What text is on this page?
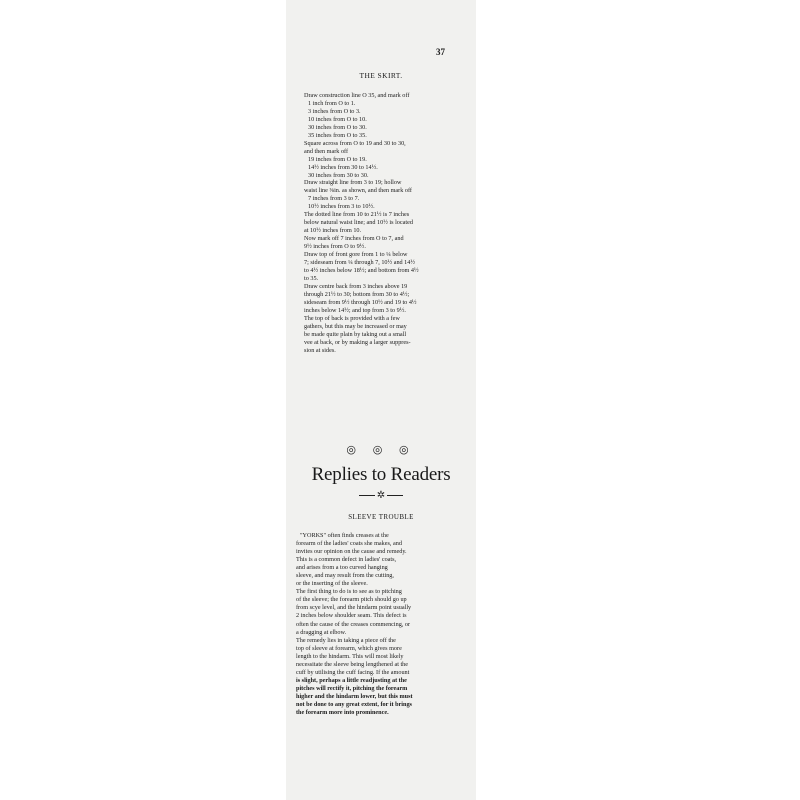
37
THE SKIRT.
Draw construction line O 35, and mark off
1 inch from O to 1.
3 inches from O to 3.
10 inches from O to 10.
30 inches from O to 30.
35 inches from O to 35.
Square across from O to 19 and 30 to 30,
and then mark off
19 inches from O to 19.
14½ inches from 30 to 14½.
30 inches from 30 to 30.
Draw straight line from 3 to 19; hollow
waist line ⅜in. as shown, and then mark off
7 inches from 3 to 7.
10½ inches from 3 to 10½.
The dotted line from 10 to 21½ is 7 inches
below natural waist line; and 10½ is located
at 10½ inches from 10.
Now mark off 7 inches from O to 7, and
9½ inches from O to 9½.
Draw top of front gore from 1 to ¼ below
7; sideseam from ¼ through 7, 10½ and 14½
to 4½ inches below 18½; and bottom from 4½
to 35.
Draw centre back from 3 inches above 19
through 21½ to 30; bottom from 30 to 4½;
sideseam from 9½ through 10½ and 19 to 4½
inches below 14½; and top from 3 to 9½.
The top of back is provided with a few
gathers, but this may be increased or may
be made quite plain by taking out a small
vee at back, or by making a larger suppres-
sion at sides.
◎ ◎ ◎
Replies to Readers
✲
SLEEVE TROUBLE
"YORKS" often finds creases at the
forearm of the ladies' coats she makes, and
invites our opinion on the cause and remedy.
This is a common defect in ladies' coats,
and arises from a too curved hanging
sleeve, and may result from the cutting,
or the inserting of the sleeve.
The first thing to do is to see as to pitching
of the sleeve; the forearm pitch should go up
from scye level, and the hindarm point usually
2 inches below shoulder seam. This defect is
often the cause of the creases commencing, or
a dragging at elbow.
The remedy lies in taking a piece off the
top of sleeve at forearm, which gives more
length to the hindarm. This will most likely
necessitate the sleeve being lengthened at the
cuff by utilising the cuff facing. If the amount
is slight, perhaps a little readjusting at the
pitches will rectify it, pitching the forearm
higher and the hindarm lower, but this must
not be done to any great extent, for it brings
the forearm more into prominence.
